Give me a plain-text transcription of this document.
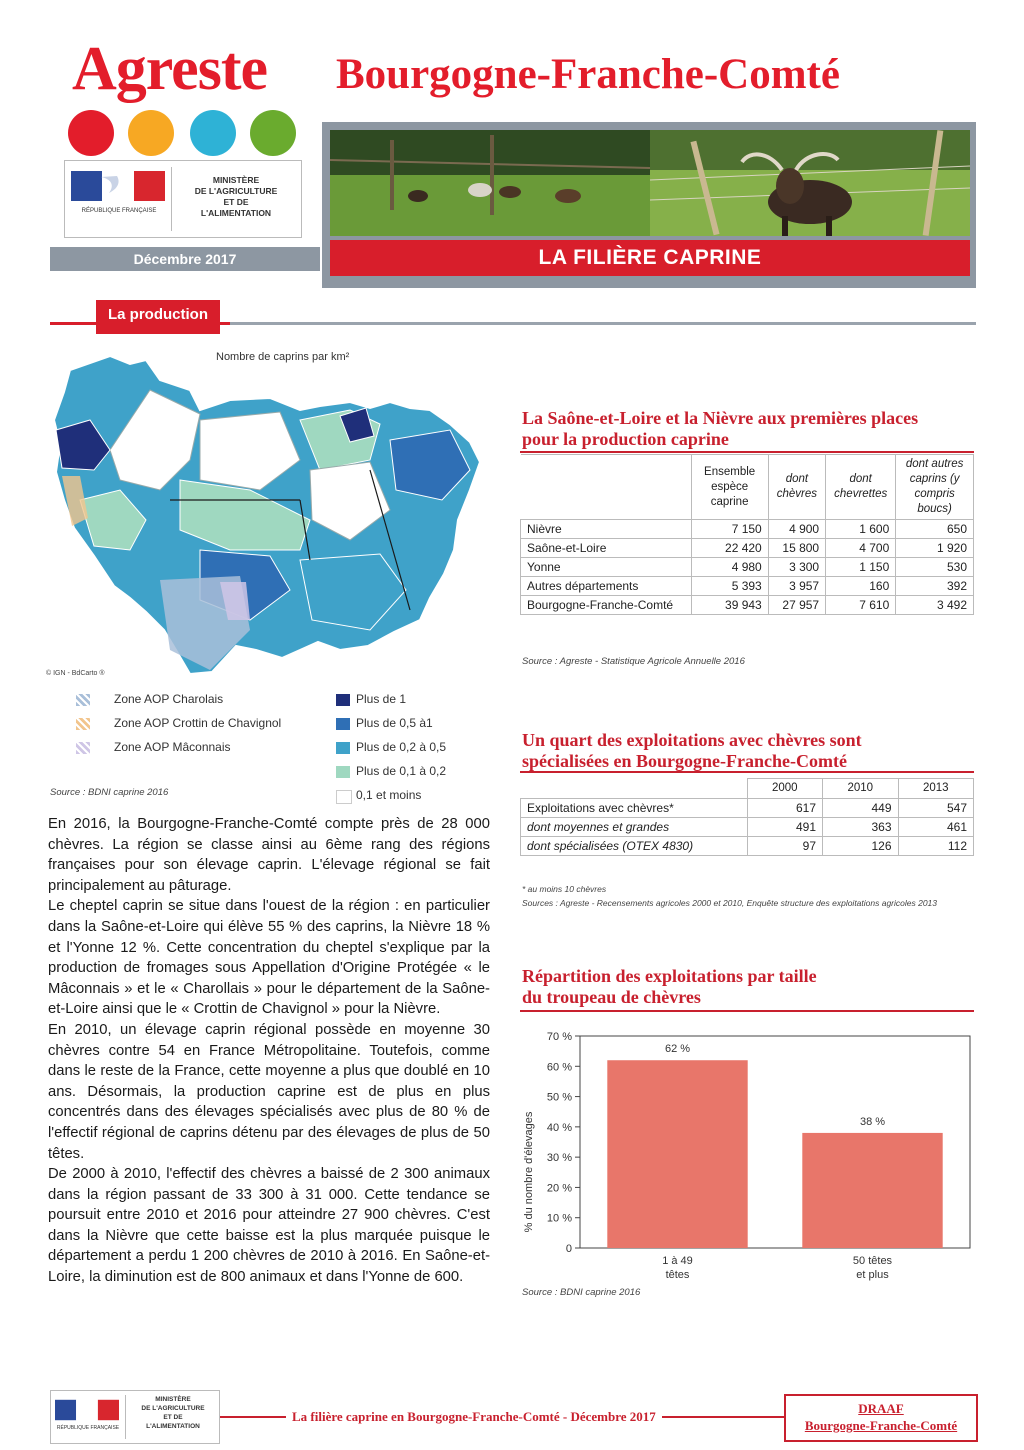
Agreste Bourgogne-Franche-Comté
RÉPUBLIQUE FRANÇAISE
MINISTÈRE
DE L'AGRICULTURE
ET DE
L'ALIMENTATION
Décembre 2017	LA FILIÈRE CAPRINE
La production
Nombre de caprins par km²
© IGN - BdCarto ®
Zone AOP Charolais
Zone AOP Crottin de Chavignol
Zone AOP Mâconnais
Plus de 1
Plus de 0,5 à1
Plus de 0,2 à 0,5
Plus de 0,1 à 0,2
0,1 et moins
Source : BDNI caprine 2016

En 2016, la Bourgogne-Franche-Comté compte près de 28 000 chèvres. La région se classe ainsi au 6ème rang des régions françaises pour son élevage caprin. L'élevage régional se fait principalement au pâturage.

Le cheptel caprin se situe dans l'ouest de la région : en particulier dans la Saône-et-Loire qui élève 55 % des caprins, la Nièvre 18 % et l'Yonne 12 %. Cette concentration du cheptel s'explique par la production de fromages sous Appellation d'Origine Protégée « le Mâconnais » et le « Charollais » pour le département de la Saône-et-Loire ainsi que le « Crottin de Chavignol » pour la Nièvre.

En 2010, un élevage caprin régional possède en moyenne 30 chèvres contre 54 en France Métropolitaine. Toutefois, comme dans le reste de la France, cette moyenne a plus que doublé en 10 ans. Désormais, la production caprine est de plus en plus concentrés dans des élevages spécialisés avec plus de 80 % de l'effectif régional de caprins détenu par des élevages de plus de 50 têtes.

De 2000 à 2010, l'effectif des chèvres a baissé de 2 300 animaux dans la région passant de 33 300 à 31 000. Cette tendance se poursuit entre 2010 et 2016 pour atteindre 27 900 chèvres. C'est dans la Nièvre que cette baisse est la plus marquée puisque le département a perdu 1 200 chèvres de 2010 à 2016. En Saône-et-Loire, la diminution est de 800 animaux et dans l'Yonne de 600.

La Saône-et-Loire et la Nièvre aux premières places
pour la production caprine
	Ensemble espèce caprine	dont chèvres	dont chevrettes	dont autres caprins (y compris boucs)
Nièvre	7 150	4 900	1 600	650
Saône-et-Loire	22 420	15 800	4 700	1 920
Yonne	4 980	3 300	1 150	530
Autres départements	5 393	3 957	160	392
Bourgogne-Franche-Comté	39 943	27 957	7 610	3 492
Source : Agreste - Statistique Agricole Annuelle 2016
Un quart des exploitations avec chèvres sont
spécialisées en Bourgogne-Franche-Comté
	2000	2010	2013
Exploitations avec chèvres*	617	449	547
dont moyennes et grandes	491	363	461
dont spécialisées (OTEX 4830)	97	126	112
* au moins 10 chèvres
Sources : Agreste - Recensements agricoles 2000 et 2010, Enquête structure des exploitations agricoles 2013
Répartition des exploitations par taille
du troupeau de chèvres
% du nombre d'élevages
0
10 %
20 %
30 %
40 %
50 %
60 %
70 %
62 %
1 à 49
têtes
38 %
50 têtes
et plus
Source : BDNI caprine 2016
RÉPUBLIQUE FRANÇAISE
MINISTÈRE
DE L'AGRICULTURE
ET DE
L'ALIMENTATION
La filière caprine en Bourgogne-Franche-Comté - Décembre 2017
DRAAF
Bourgogne-Franche-Comté
